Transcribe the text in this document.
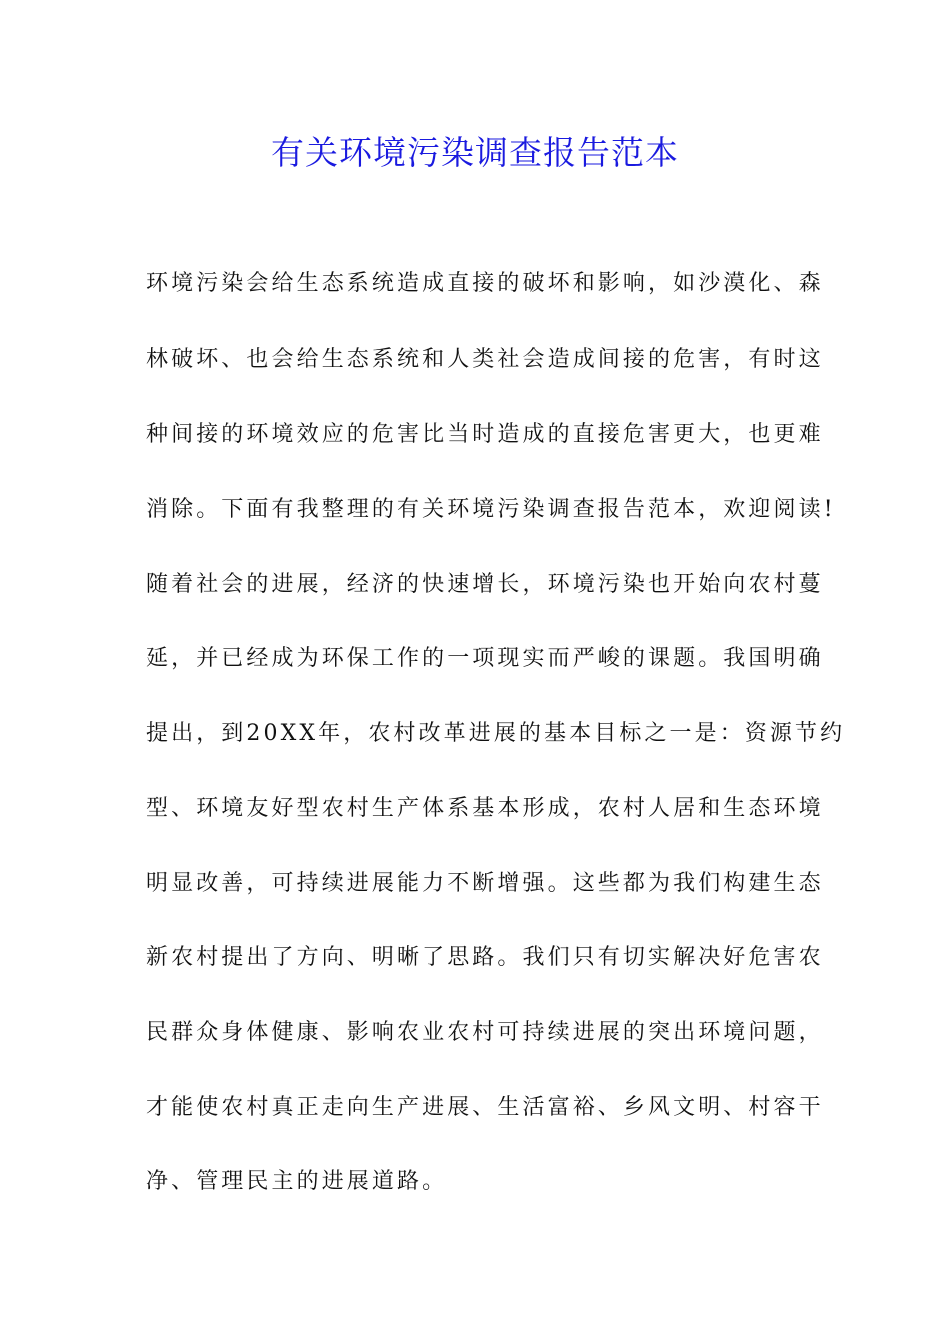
有关环境污染调查报告范本
环境污染会给生态系统造成直接的破坏和影响，如沙漠化、森
林破坏、也会给生态系统和人类社会造成间接的危害，有时这
种间接的环境效应的危害比当时造成的直接危害更大，也更难
消除。下面有我整理的有关环境污染调查报告范本，欢迎阅读!
随着社会的进展，经济的快速增长，环境污染也开始向农村蔓
延，并已经成为环保工作的一项现实而严峻的课题。我国明确
提出，到20XX年，农村改革进展的基本目标之一是：资源节约
型、环境友好型农村生产体系基本形成，农村人居和生态环境
明显改善，可持续进展能力不断增强。这些都为我们构建生态
新农村提出了方向、明晰了思路。我们只有切实解决好危害农
民群众身体健康、影响农业农村可持续进展的突出环境问题，
才能使农村真正走向生产进展、生活富裕、乡风文明、村容干
净、管理民主的进展道路。
